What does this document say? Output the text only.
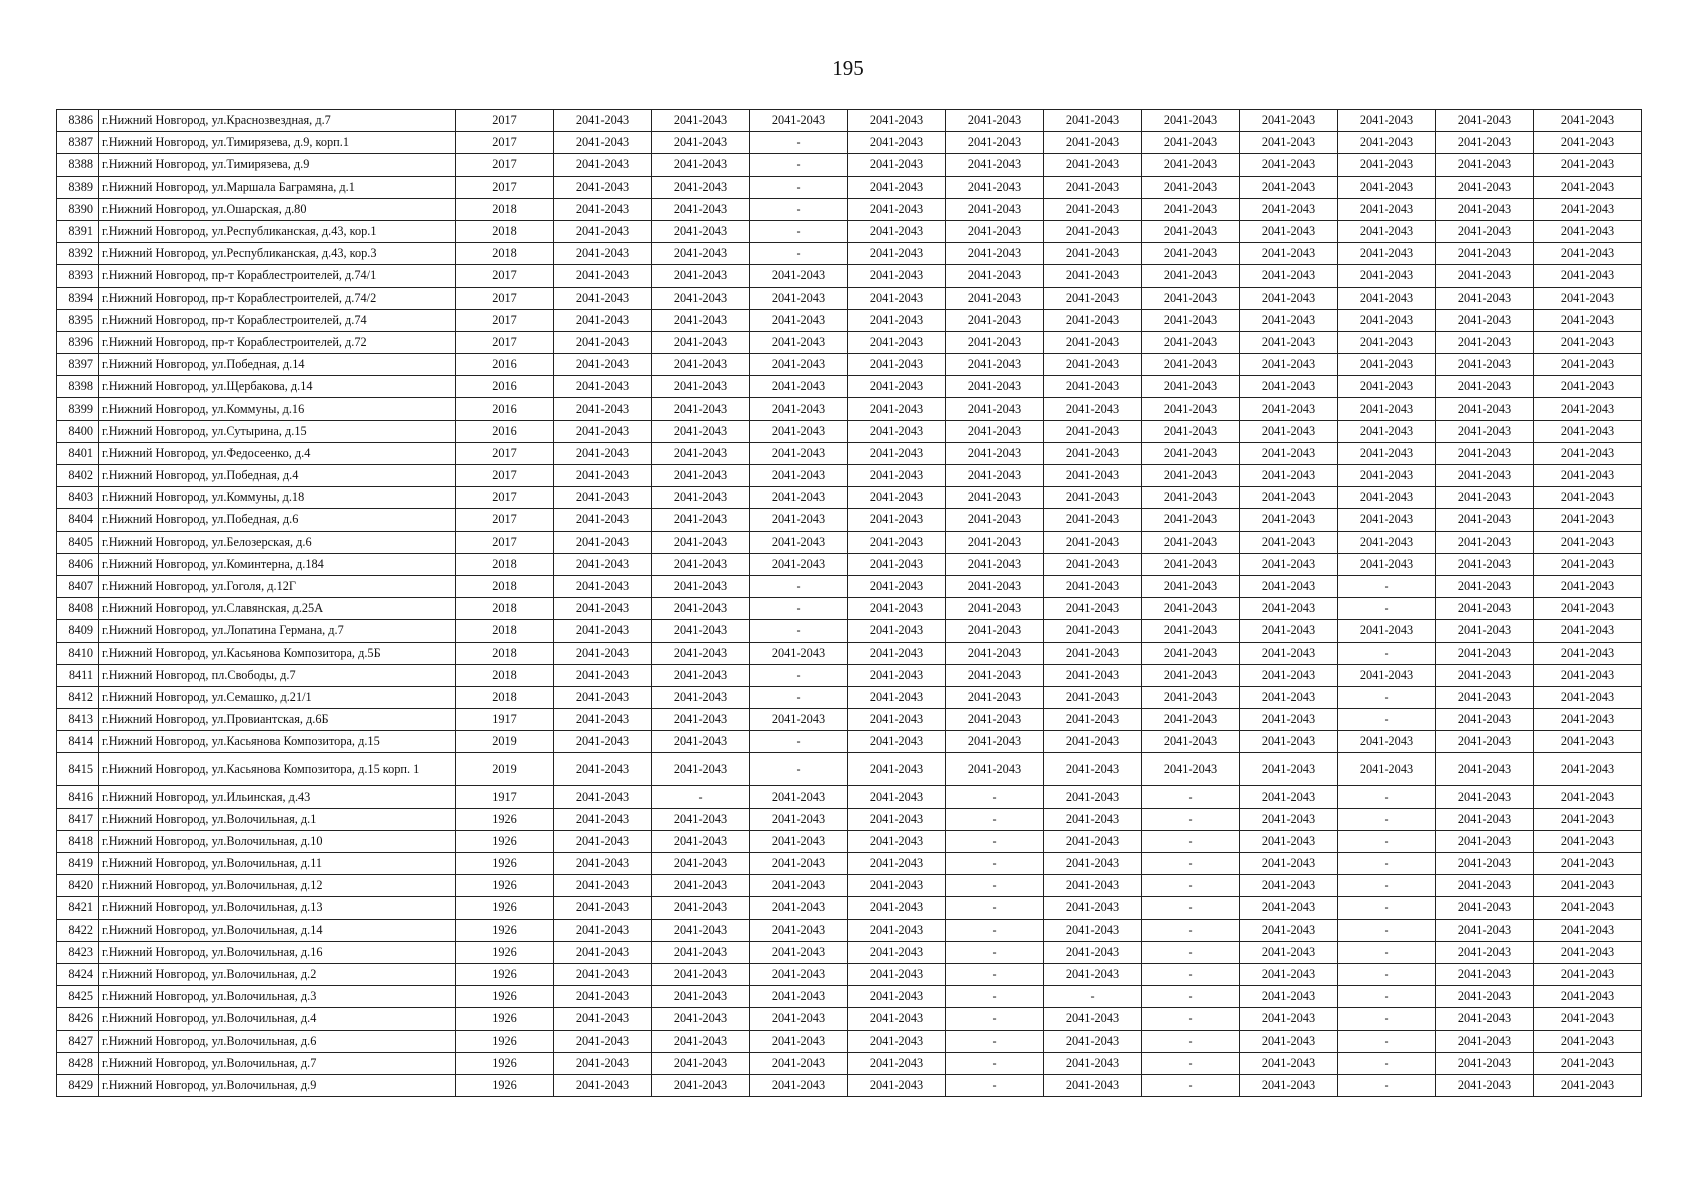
195
8386	г.Нижний Новгород, ул.Краснозвездная, д.7	2017	2041-2043	2041-2043	2041-2043	2041-2043	2041-2043	2041-2043	2041-2043	2041-2043	2041-2043	2041-2043	2041-2043
8387	г.Нижний Новгород, ул.Тимирязева, д.9, корп.1	2017	2041-2043	2041-2043	-	2041-2043	2041-2043	2041-2043	2041-2043	2041-2043	2041-2043	2041-2043	2041-2043
8388	г.Нижний Новгород, ул.Тимирязева, д.9	2017	2041-2043	2041-2043	-	2041-2043	2041-2043	2041-2043	2041-2043	2041-2043	2041-2043	2041-2043	2041-2043
8389	г.Нижний Новгород, ул.Маршала Баграмяна, д.1	2017	2041-2043	2041-2043	-	2041-2043	2041-2043	2041-2043	2041-2043	2041-2043	2041-2043	2041-2043	2041-2043
8390	г.Нижний Новгород, ул.Ошарская, д.80	2018	2041-2043	2041-2043	-	2041-2043	2041-2043	2041-2043	2041-2043	2041-2043	2041-2043	2041-2043	2041-2043
8391	г.Нижний Новгород, ул.Республиканская, д.43, кор.1	2018	2041-2043	2041-2043	-	2041-2043	2041-2043	2041-2043	2041-2043	2041-2043	2041-2043	2041-2043	2041-2043
8392	г.Нижний Новгород, ул.Республиканская, д.43, кор.3	2018	2041-2043	2041-2043	-	2041-2043	2041-2043	2041-2043	2041-2043	2041-2043	2041-2043	2041-2043	2041-2043
8393	г.Нижний Новгород, пр-т Кораблестроителей, д.74/1	2017	2041-2043	2041-2043	2041-2043	2041-2043	2041-2043	2041-2043	2041-2043	2041-2043	2041-2043	2041-2043	2041-2043
8394	г.Нижний Новгород, пр-т Кораблестроителей, д.74/2	2017	2041-2043	2041-2043	2041-2043	2041-2043	2041-2043	2041-2043	2041-2043	2041-2043	2041-2043	2041-2043	2041-2043
8395	г.Нижний Новгород, пр-т Кораблестроителей, д.74	2017	2041-2043	2041-2043	2041-2043	2041-2043	2041-2043	2041-2043	2041-2043	2041-2043	2041-2043	2041-2043	2041-2043
8396	г.Нижний Новгород, пр-т Кораблестроителей, д.72	2017	2041-2043	2041-2043	2041-2043	2041-2043	2041-2043	2041-2043	2041-2043	2041-2043	2041-2043	2041-2043	2041-2043
8397	г.Нижний Новгород, ул.Победная, д.14	2016	2041-2043	2041-2043	2041-2043	2041-2043	2041-2043	2041-2043	2041-2043	2041-2043	2041-2043	2041-2043	2041-2043
8398	г.Нижний Новгород, ул.Щербакова, д.14	2016	2041-2043	2041-2043	2041-2043	2041-2043	2041-2043	2041-2043	2041-2043	2041-2043	2041-2043	2041-2043	2041-2043
8399	г.Нижний Новгород, ул.Коммуны, д.16	2016	2041-2043	2041-2043	2041-2043	2041-2043	2041-2043	2041-2043	2041-2043	2041-2043	2041-2043	2041-2043	2041-2043
8400	г.Нижний Новгород, ул.Сутырина, д.15	2016	2041-2043	2041-2043	2041-2043	2041-2043	2041-2043	2041-2043	2041-2043	2041-2043	2041-2043	2041-2043	2041-2043
8401	г.Нижний Новгород, ул.Федосеенко, д.4	2017	2041-2043	2041-2043	2041-2043	2041-2043	2041-2043	2041-2043	2041-2043	2041-2043	2041-2043	2041-2043	2041-2043
8402	г.Нижний Новгород, ул.Победная, д.4	2017	2041-2043	2041-2043	2041-2043	2041-2043	2041-2043	2041-2043	2041-2043	2041-2043	2041-2043	2041-2043	2041-2043
8403	г.Нижний Новгород, ул.Коммуны, д.18	2017	2041-2043	2041-2043	2041-2043	2041-2043	2041-2043	2041-2043	2041-2043	2041-2043	2041-2043	2041-2043	2041-2043
8404	г.Нижний Новгород, ул.Победная, д.6	2017	2041-2043	2041-2043	2041-2043	2041-2043	2041-2043	2041-2043	2041-2043	2041-2043	2041-2043	2041-2043	2041-2043
8405	г.Нижний Новгород, ул.Белозерская, д.6	2017	2041-2043	2041-2043	2041-2043	2041-2043	2041-2043	2041-2043	2041-2043	2041-2043	2041-2043	2041-2043	2041-2043
8406	г.Нижний Новгород, ул.Коминтерна, д.184	2018	2041-2043	2041-2043	2041-2043	2041-2043	2041-2043	2041-2043	2041-2043	2041-2043	2041-2043	2041-2043	2041-2043
8407	г.Нижний Новгород, ул.Гоголя, д.12Г	2018	2041-2043	2041-2043	-	2041-2043	2041-2043	2041-2043	2041-2043	2041-2043	-	2041-2043	2041-2043
8408	г.Нижний Новгород, ул.Славянская, д.25А	2018	2041-2043	2041-2043	-	2041-2043	2041-2043	2041-2043	2041-2043	2041-2043	-	2041-2043	2041-2043
8409	г.Нижний Новгород, ул.Лопатина Германа, д.7	2018	2041-2043	2041-2043	-	2041-2043	2041-2043	2041-2043	2041-2043	2041-2043	2041-2043	2041-2043	2041-2043
8410	г.Нижний Новгород, ул.Касьянова Композитора, д.5Б	2018	2041-2043	2041-2043	2041-2043	2041-2043	2041-2043	2041-2043	2041-2043	2041-2043	-	2041-2043	2041-2043
8411	г.Нижний Новгород, пл.Свободы, д.7	2018	2041-2043	2041-2043	-	2041-2043	2041-2043	2041-2043	2041-2043	2041-2043	2041-2043	2041-2043	2041-2043
8412	г.Нижний Новгород, ул.Семашко, д.21/1	2018	2041-2043	2041-2043	-	2041-2043	2041-2043	2041-2043	2041-2043	2041-2043	-	2041-2043	2041-2043
8413	г.Нижний Новгород, ул.Провиантская, д.6Б	1917	2041-2043	2041-2043	2041-2043	2041-2043	2041-2043	2041-2043	2041-2043	2041-2043	-	2041-2043	2041-2043
8414	г.Нижний Новгород, ул.Касьянова Композитора, д.15	2019	2041-2043	2041-2043	-	2041-2043	2041-2043	2041-2043	2041-2043	2041-2043	2041-2043	2041-2043	2041-2043
8415	г.Нижний Новгород, ул.Касьянова Композитора, д.15 корп. 1	2019	2041-2043	2041-2043	-	2041-2043	2041-2043	2041-2043	2041-2043	2041-2043	2041-2043	2041-2043	2041-2043
8416	г.Нижний Новгород, ул.Ильинская, д.43	1917	2041-2043	-	2041-2043	2041-2043	-	2041-2043	-	2041-2043	-	2041-2043	2041-2043
8417	г.Нижний Новгород, ул.Волочильная, д.1	1926	2041-2043	2041-2043	2041-2043	2041-2043	-	2041-2043	-	2041-2043	-	2041-2043	2041-2043
8418	г.Нижний Новгород, ул.Волочильная, д.10	1926	2041-2043	2041-2043	2041-2043	2041-2043	-	2041-2043	-	2041-2043	-	2041-2043	2041-2043
8419	г.Нижний Новгород, ул.Волочильная, д.11	1926	2041-2043	2041-2043	2041-2043	2041-2043	-	2041-2043	-	2041-2043	-	2041-2043	2041-2043
8420	г.Нижний Новгород, ул.Волочильная, д.12	1926	2041-2043	2041-2043	2041-2043	2041-2043	-	2041-2043	-	2041-2043	-	2041-2043	2041-2043
8421	г.Нижний Новгород, ул.Волочильная, д.13	1926	2041-2043	2041-2043	2041-2043	2041-2043	-	2041-2043	-	2041-2043	-	2041-2043	2041-2043
8422	г.Нижний Новгород, ул.Волочильная, д.14	1926	2041-2043	2041-2043	2041-2043	2041-2043	-	2041-2043	-	2041-2043	-	2041-2043	2041-2043
8423	г.Нижний Новгород, ул.Волочильная, д.16	1926	2041-2043	2041-2043	2041-2043	2041-2043	-	2041-2043	-	2041-2043	-	2041-2043	2041-2043
8424	г.Нижний Новгород, ул.Волочильная, д.2	1926	2041-2043	2041-2043	2041-2043	2041-2043	-	2041-2043	-	2041-2043	-	2041-2043	2041-2043
8425	г.Нижний Новгород, ул.Волочильная, д.3	1926	2041-2043	2041-2043	2041-2043	2041-2043	-	-	-	2041-2043	-	2041-2043	2041-2043
8426	г.Нижний Новгород, ул.Волочильная, д.4	1926	2041-2043	2041-2043	2041-2043	2041-2043	-	2041-2043	-	2041-2043	-	2041-2043	2041-2043
8427	г.Нижний Новгород, ул.Волочильная, д.6	1926	2041-2043	2041-2043	2041-2043	2041-2043	-	2041-2043	-	2041-2043	-	2041-2043	2041-2043
8428	г.Нижний Новгород, ул.Волочильная, д.7	1926	2041-2043	2041-2043	2041-2043	2041-2043	-	2041-2043	-	2041-2043	-	2041-2043	2041-2043
8429	г.Нижний Новгород, ул.Волочильная, д.9	1926	2041-2043	2041-2043	2041-2043	2041-2043	-	2041-2043	-	2041-2043	-	2041-2043	2041-2043
